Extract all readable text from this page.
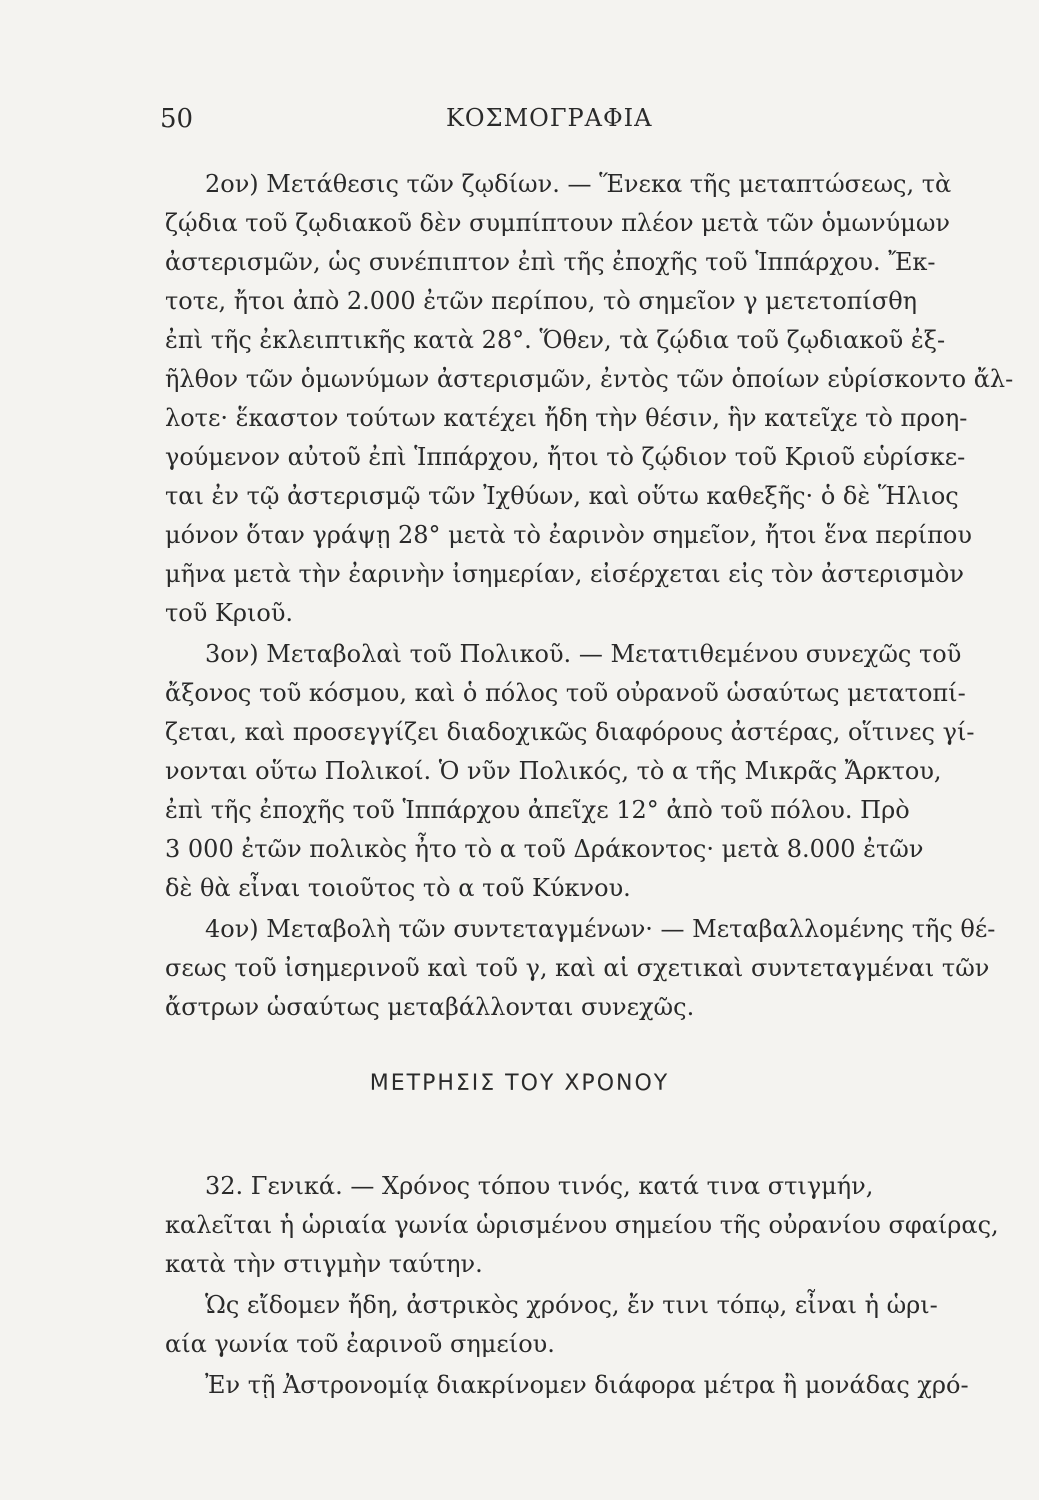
50	ΚΟΣΜΟΓΡΑΦΙΑ
2ον) Μετάθεσις τῶν ζῳδίων. — Ἕνεκα τῆς μεταπτώσεως, τὰ
ζῴδια τοῦ ζῳδιακοῦ δὲν συμπίπτουν πλέον μετὰ τῶν ὁμωνύμων
ἀστερισμῶν, ὡς συνέπιπτον ἐπὶ τῆς ἐποχῆς τοῦ Ἱππάρχου. Ἔκ-
τοτε, ἤτοι ἀπὸ 2.000 ἐτῶν περίπου, τὸ σημεῖον γ μετετοπίσθη
ἐπὶ τῆς ἐκλειπτικῆς κατὰ 28°. Ὅθεν, τὰ ζῴδια τοῦ ζῳδιακοῦ ἐξ-
ῆλθον τῶν ὁμωνύμων ἀστερισμῶν, ἐντὸς τῶν ὁποίων εὑρίσκοντο ἄλ-
λοτε· ἕκαστον τούτων κατέχει ἤδη τὴν θέσιν, ἣν κατεῖχε τὸ προη-
γούμενον αὐτοῦ ἐπὶ Ἱππάρχου, ἤτοι τὸ ζῴδιον τοῦ Κριοῦ εὑρίσκε-
ται ἐν τῷ ἀστερισμῷ τῶν Ἰχθύων, καὶ οὕτω καθεξῆς· ὁ δὲ Ἥλιος
μόνον ὅταν γράψῃ 28° μετὰ τὸ ἐαρινὸν σημεῖον, ἤτοι ἕνα περίπου
μῆνα μετὰ τὴν ἐαρινὴν ἰσημερίαν, εἰσέρχεται εἰς τὸν ἀστερισμὸν
τοῦ Κριοῦ.
3ον) Μεταβολαὶ τοῦ Πολικοῦ. — Μετατιθεμένου συνεχῶς τοῦ
ἄξονος τοῦ κόσμου, καὶ ὁ πόλος τοῦ οὐρανοῦ ὡσαύτως μετατοπί-
ζεται, καὶ προσεγγίζει διαδοχικῶς διαφόρους ἀστέρας, οἵτινες γί-
νονται οὕτω Πολικοί. Ὁ νῦν Πολικός, τὸ α τῆς Μικρᾶς Ἄρκτου,
ἐπὶ τῆς ἐποχῆς τοῦ Ἱππάρχου ἀπεῖχε 12° ἀπὸ τοῦ πόλου. Πρὸ
3 000 ἐτῶν πολικὸς ἦτο τὸ α τοῦ Δράκοντος· μετὰ 8.000 ἐτῶν
δὲ θὰ εἶναι τοιοῦτος τὸ α τοῦ Κύκνου.
4ον) Μεταβολὴ τῶν συντεταγμένων· — Μεταβαλλομένης τῆς θέ-
σεως τοῦ ἰσημερινοῦ καὶ τοῦ γ, καὶ αἱ σχετικαὶ συντεταγμέναι τῶν
ἄστρων ὡσαύτως μεταβάλλονται συνεχῶς.
ΜΕΤΡΗΣΙΣ ΤΟΥ ΧΡΟΝΟΥ
32. Γενικά. — Χρόνος τόπου τινός, κατά τινα στιγμήν,
καλεῖται ἡ ὡριαία γωνία ὡρισμένου σημείου τῆς οὐρανίου σφαίρας,
κατὰ τὴν στιγμὴν ταύτην.
Ὡς εἴδομεν ἤδη, ἀστρικὸς χρόνος, ἔν τινι τόπῳ, εἶναι ἡ ὡρι-
αία γωνία τοῦ ἐαρινοῦ σημείου.
Ἐν τῇ Ἀστρονομίᾳ διακρίνομεν διάφορα μέτρα ἢ μονάδας χρό-
